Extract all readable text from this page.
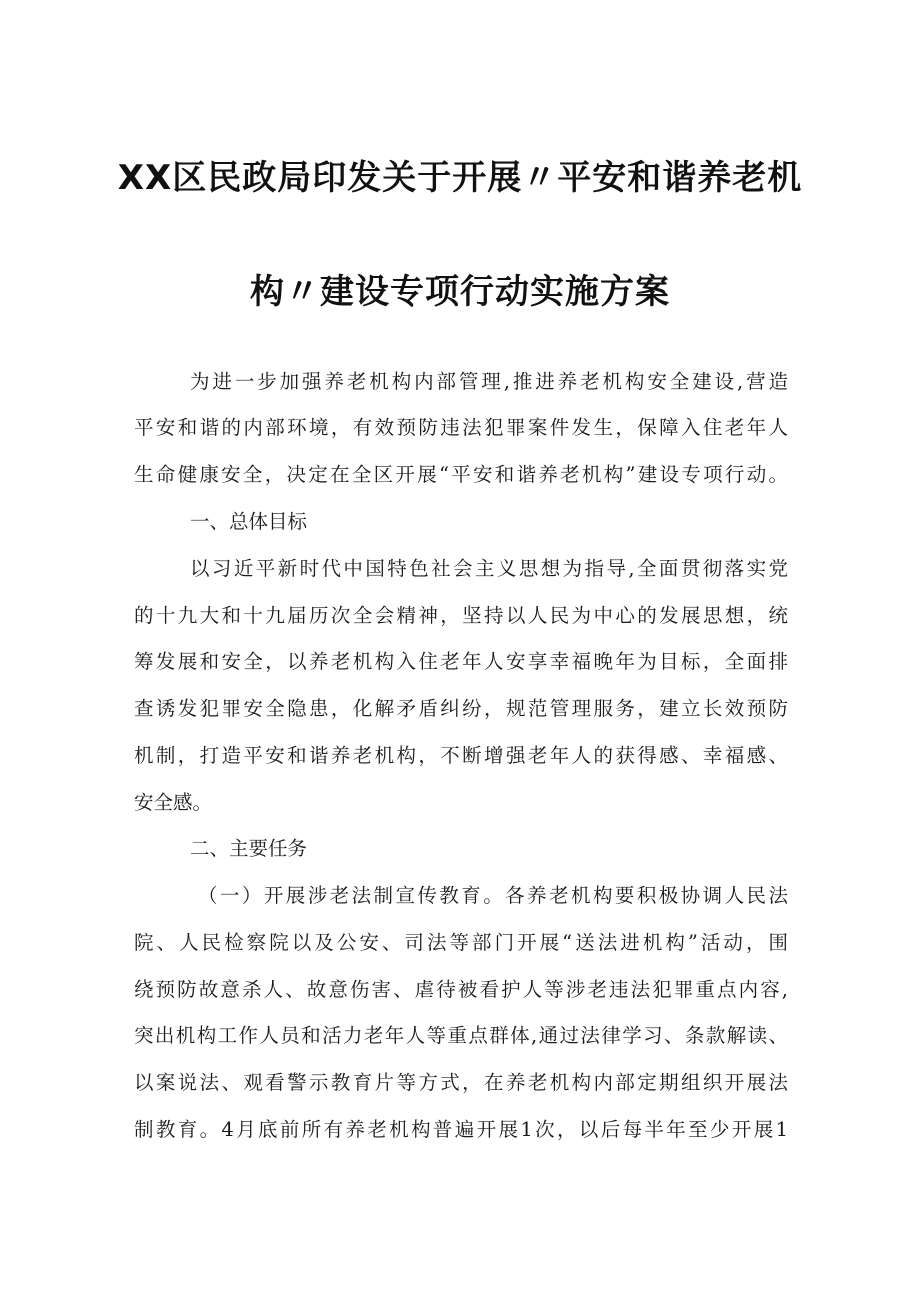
XX区民政局印发关于开展〃平安和谐养老机
构〃建设专项行动实施方案
为进一步加强养老机构内部管理,推进养老机构安全建设,营造
平安和谐的内部环境，有效预防违法犯罪案件发生，保障入住老年人
生命健康安全，决定在全区开展“平安和谐养老机构”建设专项行动。
一、总体目标
以习近平新时代中国特色社会主义思想为指导,全面贯彻落实党
的十九大和十九届历次全会精神，坚持以人民为中心的发展思想，统
筹发展和安全，以养老机构入住老年人安享幸福晚年为目标，全面排
查诱发犯罪安全隐患，化解矛盾纠纷，规范管理服务，建立长效预防
机制，打造平安和谐养老机构，不断增强老年人的获得感、幸福感、
安全感。
二、主要任务
（一）开展涉老法制宣传教育。各养老机构要积极协调人民法
院、人民检察院以及公安、司法等部门开展“送法进机构”活动，围
绕预防故意杀人、故意伤害、虐待被看护人等涉老违法犯罪重点内容,
突出机构工作人员和活力老年人等重点群体,通过法律学习、条款解读、
以案说法、观看警示教育片等方式，在养老机构内部定期组织开展法
制教育。4月底前所有养老机构普遍开展1次，以后每半年至少开展1
